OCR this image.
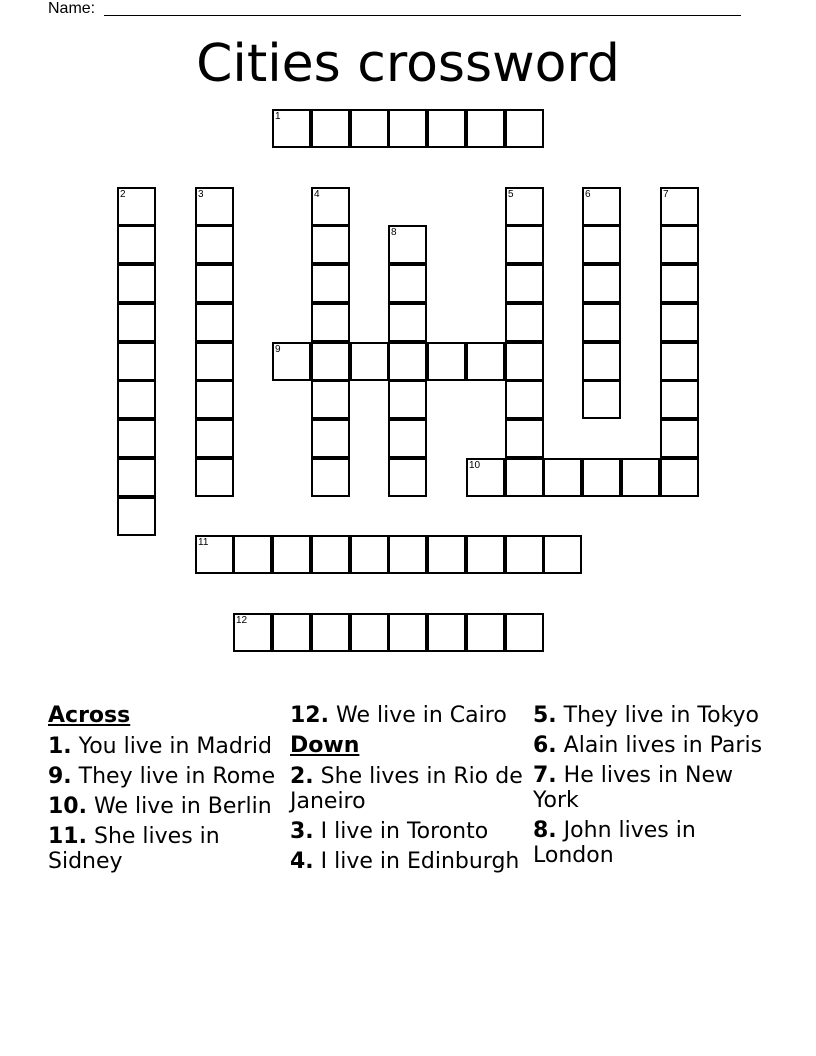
Name:
Cities crossword
1
2	3	4	5	6	7
8
9
10
11
12
Across
1. You live in Madrid
9. They live in Rome
10. We live in Berlin
11. She lives in Sidney
12. We live in Cairo
Down
2. She lives in Rio de Janeiro
3. I live in Toronto
4. I live in Edinburgh
5. They live in Tokyo
6. Alain lives in Paris
7. He lives in New York
8. John lives in London
